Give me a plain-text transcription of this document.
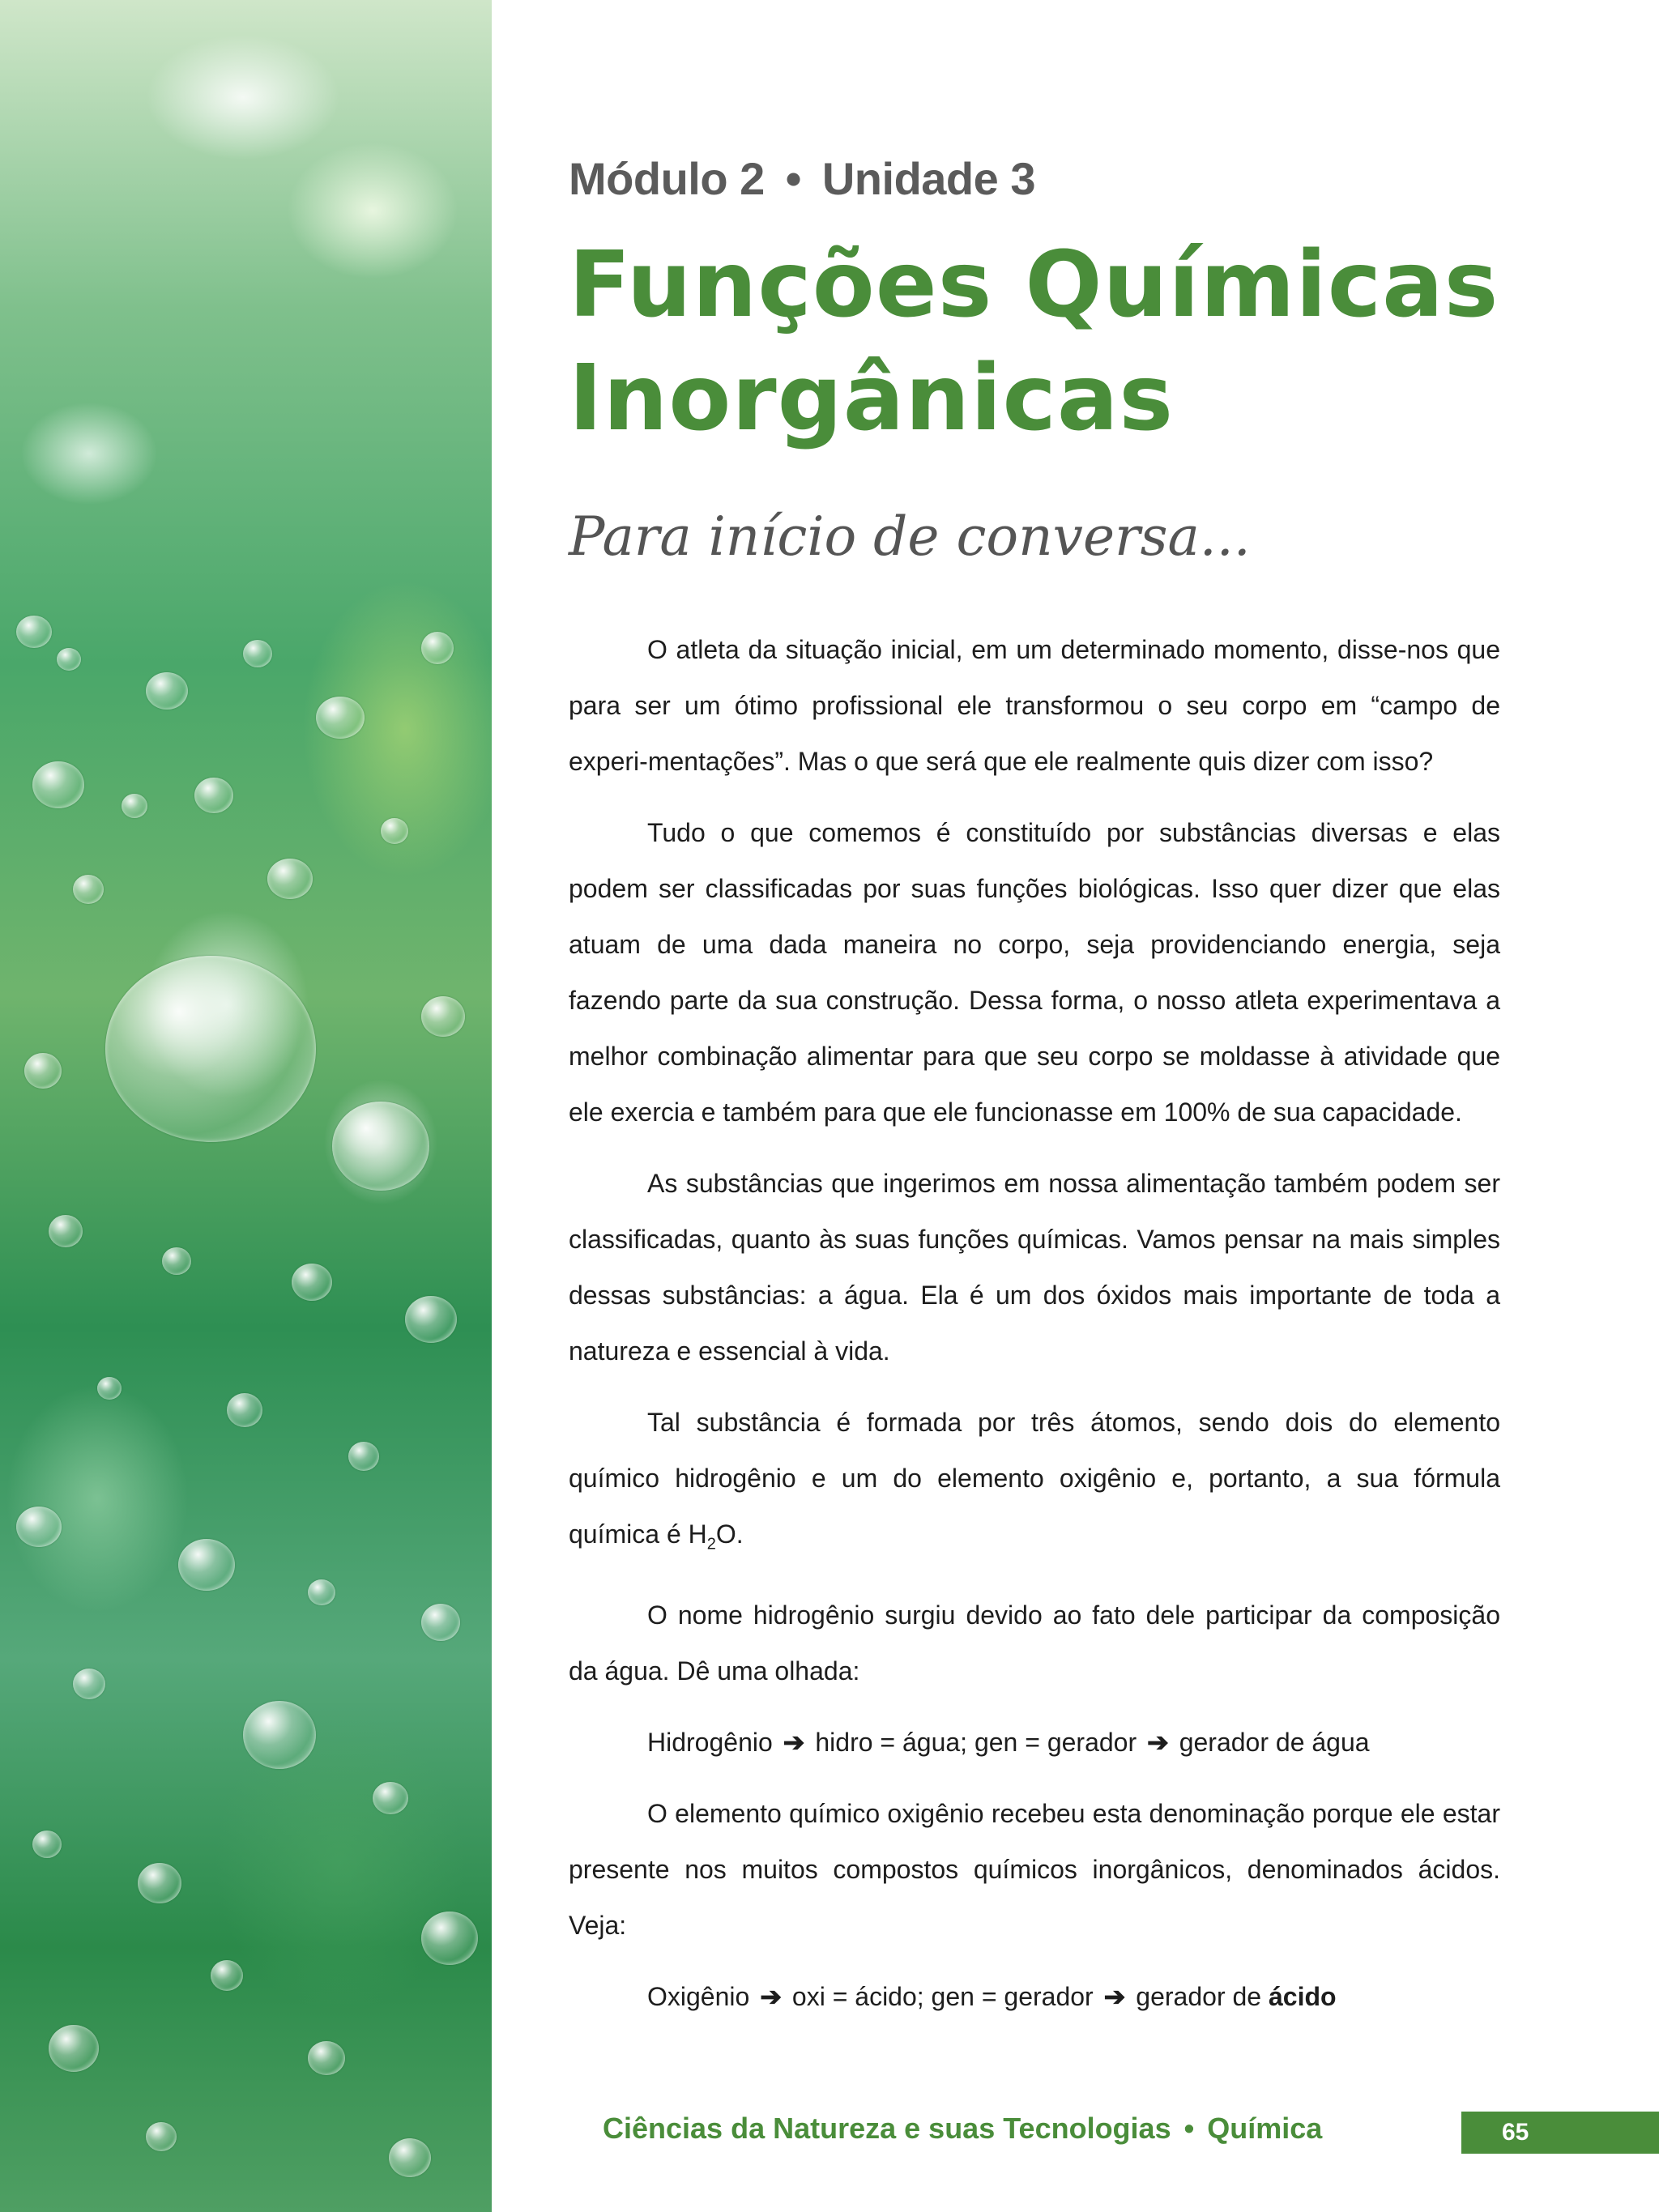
Módulo 2 • Unidade 3
Funções Químicas Inorgânicas
Para início de conversa...

O atleta da situação inicial, em um determinado momento, disse-nos que para ser um ótimo profissional ele transformou o seu corpo em “campo de experi-mentações”. Mas o que será que ele realmente quis dizer com isso?

Tudo o que comemos é constituído por substâncias diversas e elas podem ser classificadas por suas funções biológicas. Isso quer dizer que elas atuam de uma dada maneira no corpo, seja providenciando energia, seja fazendo parte da sua construção. Dessa forma, o nosso atleta experimentava a melhor combinação alimentar para que seu corpo se moldasse à atividade que ele exercia e também para que ele funcionasse em 100% de sua capacidade.

As substâncias que ingerimos em nossa alimentação também podem ser classificadas, quanto às suas funções químicas. Vamos pensar na mais simples dessas substâncias: a água. Ela é um dos óxidos mais importante de toda a natureza e essencial à vida.

Tal substância é formada por três átomos, sendo dois do elemento químico hidrogênio e um do elemento oxigênio e, portanto, a sua fórmula química é $H_2O$.

O nome hidrogênio surgiu devido ao fato dele participar da composição da água. Dê uma olhada:

Hidrogênio ➔ hidro = água; gen = gerador ➔ gerador de água

O elemento químico oxigênio recebeu esta denominação porque ele estar presente nos muitos compostos químicos inorgânicos, denominados ácidos. Veja:

Oxigênio ➔ oxi = ácido; gen = gerador ➔ gerador de ácido

Ciências da Natureza e suas Tecnologias • Química	65
